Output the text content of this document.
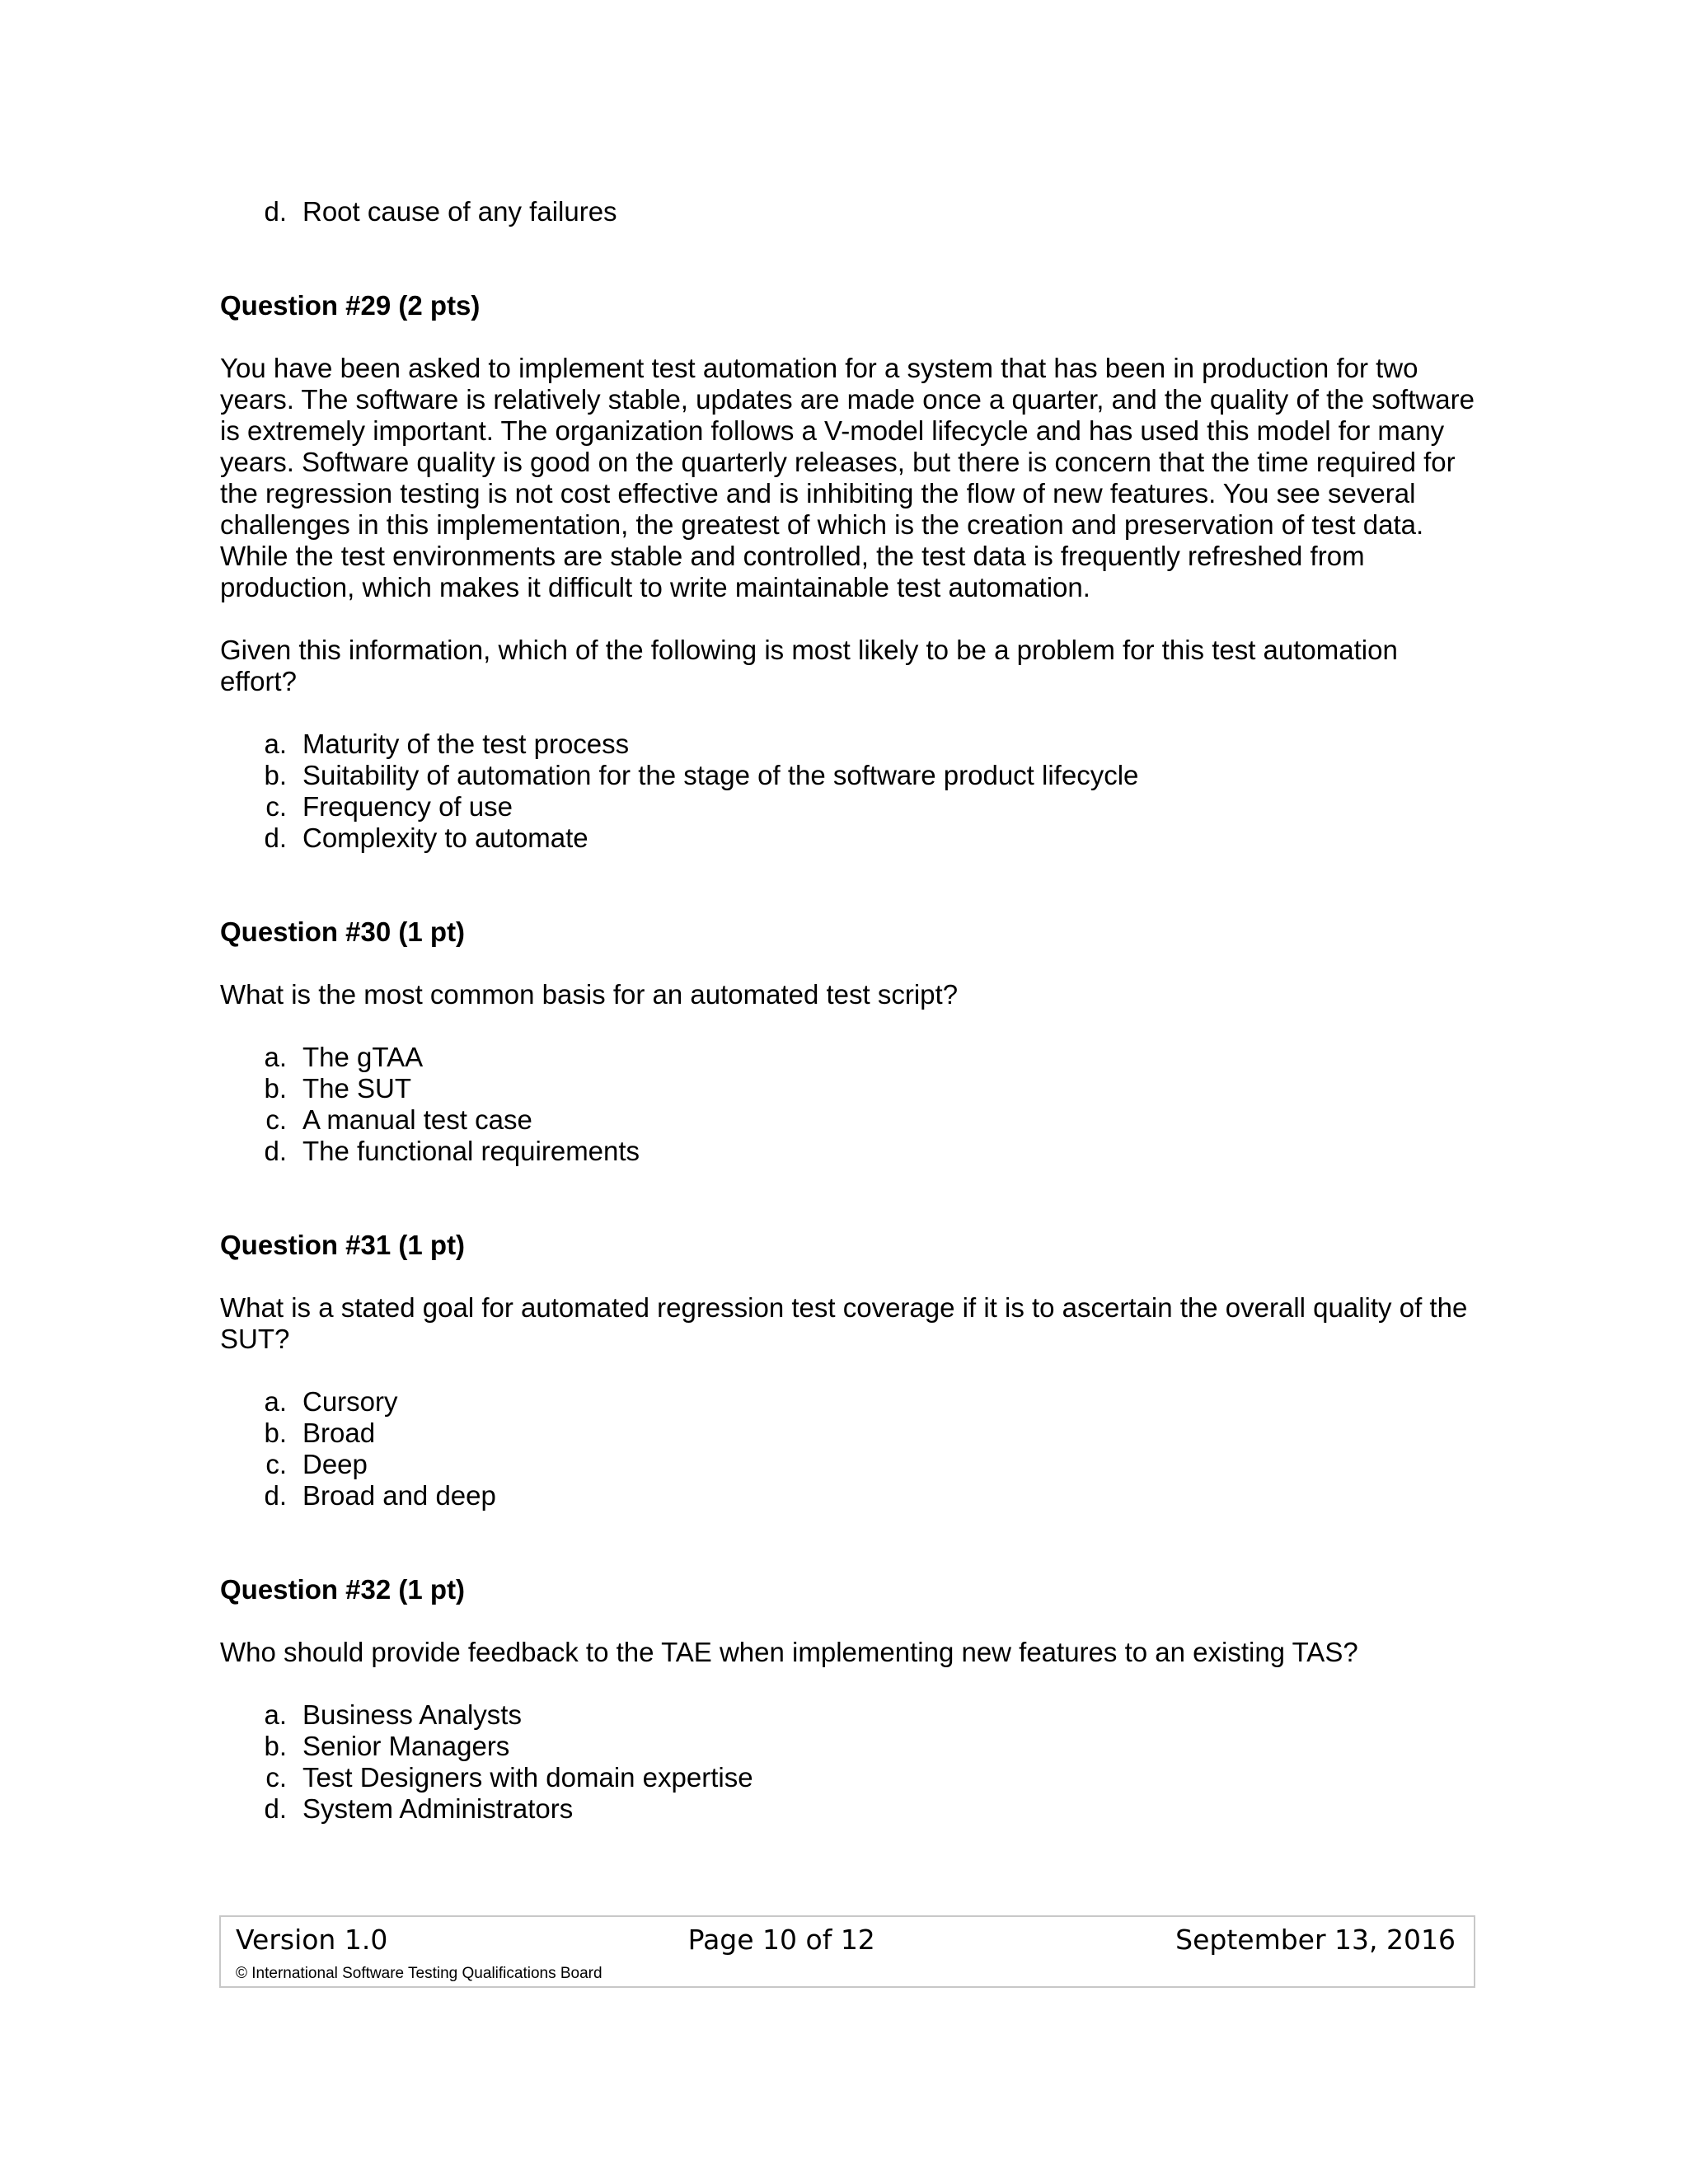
d. Root cause of any failures

Question #29 (2 pts)

You have been asked to implement test automation for a system that has been in production for two years. The software is relatively stable, updates are made once a quarter, and the quality of the software is extremely important. The organization follows a V-model lifecycle and has used this model for many years. Software quality is good on the quarterly releases, but there is concern that the time required for the regression testing is not cost effective and is inhibiting the flow of new features. You see several challenges in this implementation, the greatest of which is the creation and preservation of test data. While the test environments are stable and controlled, the test data is frequently refreshed from production, which makes it difficult to write maintainable test automation.

Given this information, which of the following is most likely to be a problem for this test automation effort?

a. Maturity of the test process
b. Suitability of automation for the stage of the software product lifecycle
c. Frequency of use
d. Complexity to automate

Question #30 (1 pt)

What is the most common basis for an automated test script?

a. The gTAA
b. The SUT
c. A manual test case
d. The functional requirements

Question #31 (1 pt)

What is a stated goal for automated regression test coverage if it is to ascertain the overall quality of the SUT?

a. Cursory
b. Broad
c. Deep
d. Broad and deep

Question #32 (1 pt)

Who should provide feedback to the TAE when implementing new features to an existing TAS?

a. Business Analysts
b. Senior Managers
c. Test Designers with domain expertise
d. System Administrators
Version 1.0	Page 10 of 12	September 13, 2016
© International Software Testing Qualifications Board
